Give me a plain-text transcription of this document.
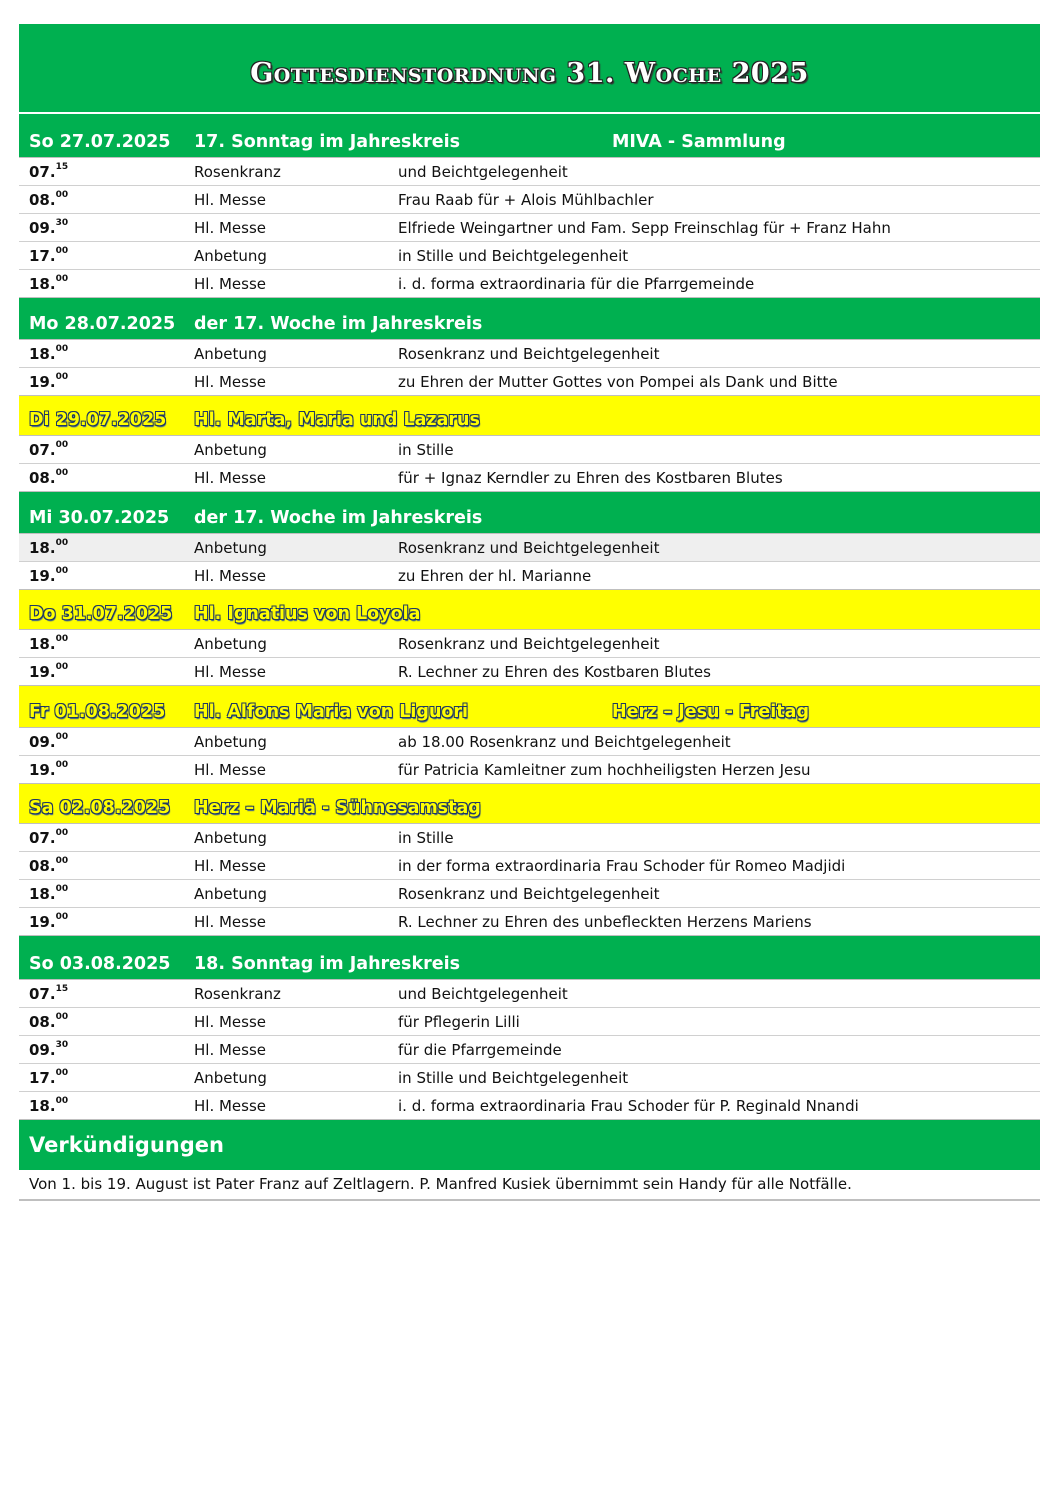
Gottesdienstordnung 31. Woche 2025
So 27.07.2025	17. Sonntag im Jahreskreis	MIVA - Sammlung
07.15	Rosenkranz	und Beichtgelegenheit
08.00	Hl. Messe	Frau Raab für + Alois Mühlbachler
09.30	Hl. Messe	Elfriede Weingartner und Fam. Sepp Freinschlag für + Franz Hahn
17.00	Anbetung	in Stille und Beichtgelegenheit
18.00	Hl. Messe	i. d. forma extraordinaria für die Pfarrgemeinde
Mo 28.07.2025	der 17. Woche im Jahreskreis
18.00	Anbetung	Rosenkranz und Beichtgelegenheit
19.00	Hl. Messe	zu Ehren der Mutter Gottes von Pompei als Dank und Bitte
Di 29.07.2025	Hl. Marta, Maria und Lazarus
07.00	Anbetung	in Stille
08.00	Hl. Messe	für + Ignaz Kerndler zu Ehren des Kostbaren Blutes
Mi 30.07.2025	der 17. Woche im Jahreskreis
18.00	Anbetung	Rosenkranz und Beichtgelegenheit
19.00	Hl. Messe	zu Ehren der hl. Marianne
Do 31.07.2025	Hl. Ignatius von Loyola
18.00	Anbetung	Rosenkranz und Beichtgelegenheit
19.00	Hl. Messe	R. Lechner zu Ehren des Kostbaren Blutes
Fr 01.08.2025	Hl. Alfons Maria von Liguori	Herz – Jesu - Freitag
09.00	Anbetung	ab 18.00 Rosenkranz und Beichtgelegenheit
19.00	Hl. Messe	für Patricia Kamleitner zum hochheiligsten Herzen Jesu
Sa 02.08.2025	Herz – Mariä - Sühnesamstag
07.00	Anbetung	in Stille
08.00	Hl. Messe	in der forma extraordinaria Frau Schoder für Romeo Madjidi
18.00	Anbetung	Rosenkranz und Beichtgelegenheit
19.00	Hl. Messe	R. Lechner zu Ehren des unbefleckten Herzens Mariens
So 03.08.2025	18. Sonntag im Jahreskreis
07.15	Rosenkranz	und Beichtgelegenheit
08.00	Hl. Messe	für Pflegerin Lilli
09.30	Hl. Messe	für die Pfarrgemeinde
17.00	Anbetung	in Stille und Beichtgelegenheit
18.00	Hl. Messe	i. d. forma extraordinaria Frau Schoder für P. Reginald Nnandi
Verkündigungen
Von 1. bis 19. August ist Pater Franz auf Zeltlagern. P. Manfred Kusiek übernimmt sein Handy für alle Notfälle.
